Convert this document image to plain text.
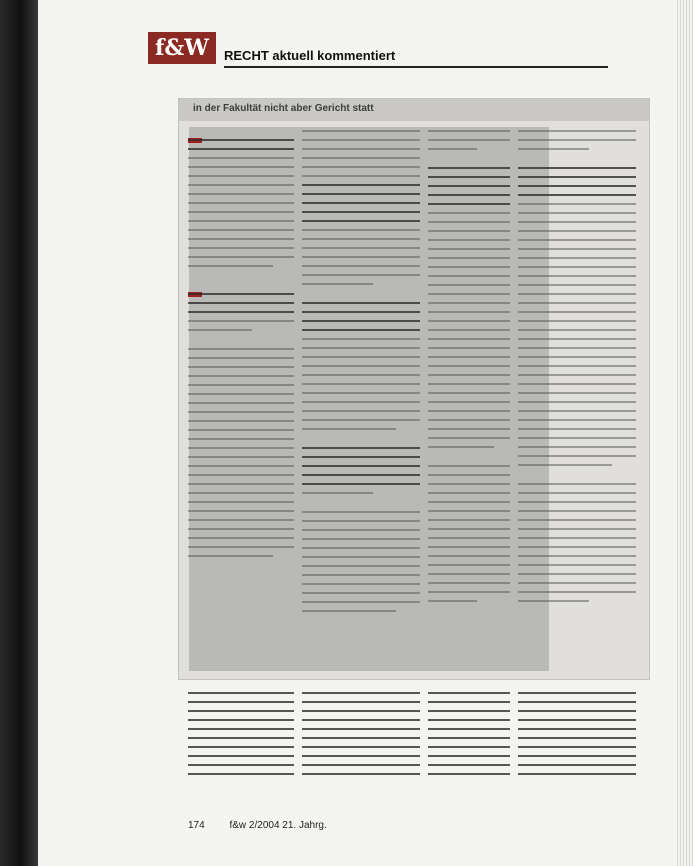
f&W	RECHT aktuell kommentiert
in der Fakultät nicht aber Gericht statt
174 f&w 2/2004 21. Jahrg.
